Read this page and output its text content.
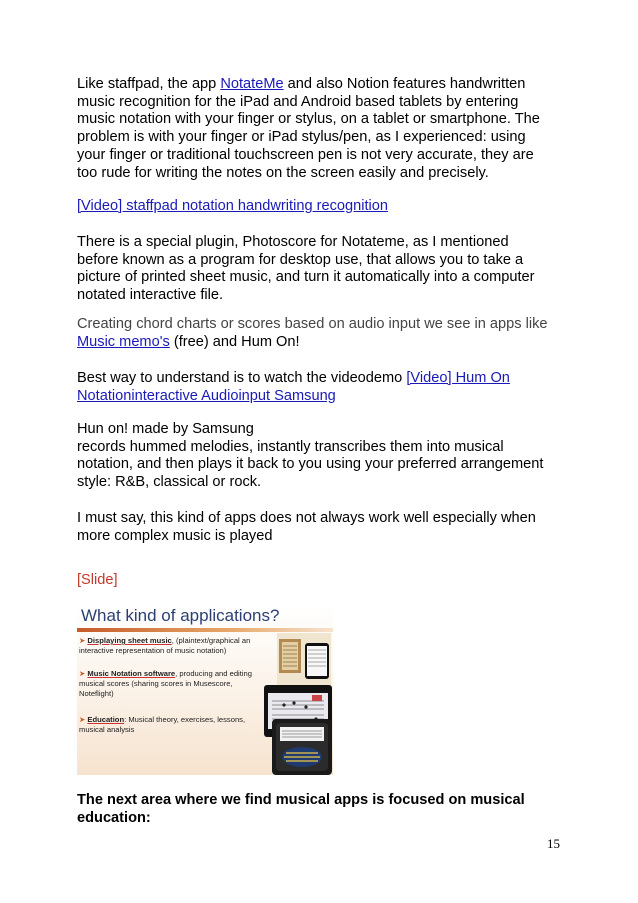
Like staffpad, the app NotateMe and also Notion features handwritten
music recognition for the iPad and Android based tablets by entering
music notation with your finger or stylus, on a tablet or smartphone. The
problem is with your finger or iPad stylus/pen, as I experienced: using
your finger or traditional touchscreen pen is not very accurate, they are
too rude for writing the notes on the screen easily and precisely.

[Video] staffpad notation handwriting recognition

There is a special plugin, Photoscore for Notateme, as I mentioned
before known as a program for desktop use, that allows you to take a
picture of printed sheet music, and turn it automatically into a computer
notated interactive file.

Creating chord charts or scores based on audio input we see in apps like
Music memo's (free) and Hum On!

Best way to understand is to watch the videodemo [Video] Hum On
Notationinteractive Audioinput Samsung

Hun on! made by Samsung
records hummed melodies, instantly transcribes them into musical
notation, and then plays it back to you using your preferred arrangement
style: R&B, classical or rock.

I must say, this kind of apps does not always work well especially when
more complex music is played

[Slide]

What kind of applications?
➤ Displaying sheet music, (plaintext/graphical an interactive representation of music notation)
➤ Music Notation software, producing and editing musical scores (sharing scores in Musescore, Noteflight)
➤ Education: Musical theory, exercises, lessons, musical analysis

The next area where we find musical apps is focused on musical
education:

15
